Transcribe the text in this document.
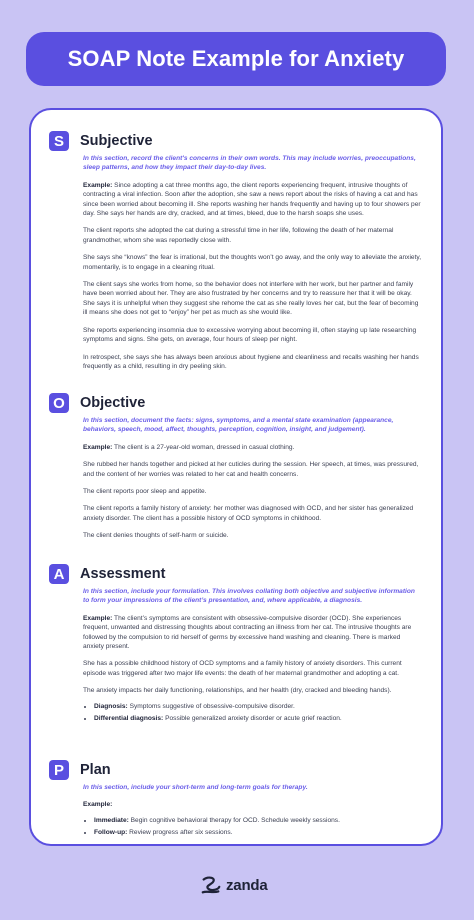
SOAP Note Example for Anxiety
S	Subjective

In this section, record the client's concerns in their own words. This may include worries, preoccupations, sleep patterns, and how they impact their day-to-day lives.

Example: Since adopting a cat three months ago, the client reports experiencing frequent, intrusive thoughts of contracting a viral infection. Soon after the adoption, she saw a news report about the risks of having a cat and has since been worried about becoming ill. She reports washing her hands frequently and having up to four showers per day. She says her hands are dry, cracked, and at times, bleed, due to the harsh soaps she uses.

The client reports she adopted the cat during a stressful time in her life, following the death of her maternal grandmother, whom she was reportedly close with.

She says she “knows” the fear is irrational, but the thoughts won’t go away, and the only way to alleviate the anxiety, momentarily, is to engage in a cleaning ritual.

The client says she works from home, so the behavior does not interfere with her work, but her partner and family have been worried about her. They are also frustrated by her concerns and try to reassure her that it will be okay. She says it is unhelpful when they suggest she rehome the cat as she really loves her cat, but the fear of becoming ill means she does not get to “enjoy” her pet as much as she would like.

She reports experiencing insomnia due to excessive worrying about becoming ill, often staying up late researching symptoms and signs. She gets, on average, four hours of sleep per night.

In retrospect, she says she has always been anxious about hygiene and cleanliness and recalls washing her hands frequently as a child, resulting in dry peeling skin.

O Objective

In this section, document the facts: signs, symptoms, and a mental state examination (appearance, behaviors, speech, mood, affect, thoughts, perception, cognition, insight, and judgement).

Example: The client is a 27-year-old woman, dressed in casual clothing.

She rubbed her hands together and picked at her cuticles during the session. Her speech, at times, was pressured, and the content of her worries was related to her cat and health concerns.

The client reports poor sleep and appetite.

The client reports a family history of anxiety: her mother was diagnosed with OCD, and her sister has generalized anxiety disorder. The client has a possible history of OCD symptoms in childhood.

The client denies thoughts of self-harm or suicide.

A	Assessment

In this section, include your formulation. This involves collating both objective and subjective information to form your impressions of the client’s presentation, and, where applicable, a diagnosis.

Example: The client’s symptoms are consistent with obsessive-compulsive disorder (OCD). She experiences frequent, unwanted and distressing thoughts about contracting an illness from her cat. The intrusive thoughts are followed by the compulsion to rid herself of germs by excessive hand washing and cleaning. There is marked anxiety present.

She has a possible childhood history of OCD symptoms and a family history of anxiety disorders. This current episode was triggered after two major life events: the death of her maternal grandmother and adopting a cat.

The anxiety impacts her daily functioning, relationships, and her health (dry, cracked and bleeding hands).

• Diagnosis: Symptoms suggestive of obsessive-compulsive disorder.
• Differential diagnosis: Possible generalized anxiety disorder or acute grief reaction.
P	Plan

In this section, include your short-term and long-term goals for therapy.

Example:

• Immediate: Begin cognitive behavioral therapy for OCD. Schedule weekly sessions.
• Follow-up: Review progress after six sessions.
zanda
